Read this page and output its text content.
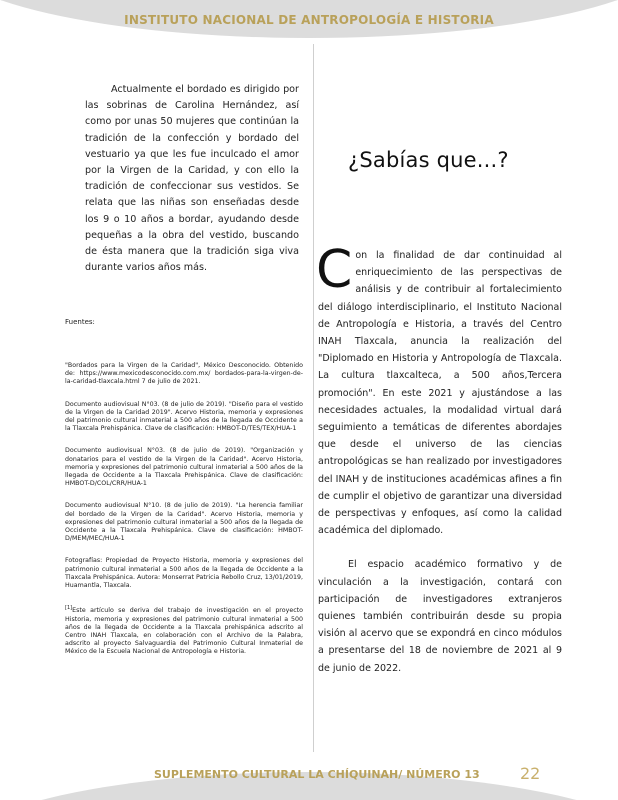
INSTITUTO NACIONAL DE ANTROPOLOGÍA E HISTORIA

Actualmente el bordado es dirigido por las sobrinas de Carolina Hernández, así como por unas 50 mujeres que continúan la tradición de la confección y bordado del vestuario ya que les fue inculcado el amor por la Virgen de la Caridad, y con ello la tradición de confeccionar sus vestidos. Se relata que las niñas son enseñadas desde los 9 o 10 años a bordar, ayudando desde pequeñas a la obra del vestido, buscando de ésta manera que la tradición siga viva durante varios años más.

Fuentes:

"Bordados para la Virgen de la Caridad", México Desconocido. Obtenido de: https://www.mexicodesconocido.com.mx/ bordados-para-la-virgen-de-la-caridad-tlaxcala.html 7 de julio de 2021.

Documento audiovisual N°03. (8 de julio de 2019). "Diseño para el vestido de la Virgen de la Caridad 2019". Acervo Historia, memoria y expresiones del patrimonio cultural inmaterial a 500 años de la llegada de Occidente a la Tlaxcala Prehispánica. Clave de clasificación: HMBOT-D/TES/TEX/HUA-1

Documento audiovisual N°03. (8 de julio de 2019). "Organización y donatarios para el vestido de la Virgen de la Caridad". Acervo Historia, memoria y expresiones del patrimonio cultural inmaterial a 500 años de la llegada de Occidente a la Tlaxcala Prehispánica. Clave de clasificación: HMBOT-D/COL/CRR/HUA-1

Documento audiovisual N°10. (8 de julio de 2019). "La herencia familiar del bordado de la Virgen de la Caridad". Acervo Historia, memoria y expresiones del patrimonio cultural inmaterial a 500 años de la llegada de Occidente a la Tlaxcala Prehispánica. Clave de clasificación: HMBOT-D/MEM/MEC/HUA-1

Fotografías: Propiedad de Proyecto Historia, memoria y expresiones del patrimonio cultural inmaterial a 500 años de la llegada de Occidente a la Tlaxcala Prehispánica. Autora: Monserrat Patricia Rebollo Cruz, 13/01/2019, Huamantla, Tlaxcala.

[1]Este artículo se deriva del trabajo de investigación en el proyecto Historia, memoria y expresiones del patrimonio cultural inmaterial a 500 años de la llegada de Occidente a la Tlaxcala prehispánica adscrito al Centro INAH Tlaxcala, en colaboración con el Archivo de la Palabra, adscrito al proyecto Salvaguardia del Patrimonio Cultural Inmaterial de México de la Escuela Nacional de Antropología e Historia.

¿Sabías que...?

Con la finalidad de dar continuidad al enriquecimiento de las perspectivas de análisis y de contribuir al fortalecimiento del diálogo interdisciplinario, el Instituto Nacional de Antropología e Historia, a través del Centro INAH Tlaxcala, anuncia la realización del "Diplomado en Historia y Antropología de Tlaxcala. La cultura tlaxcalteca, a 500 años,Tercera promoción". En este 2021 y ajustándose a las necesidades actuales, la modalidad virtual dará seguimiento a temáticas de diferentes abordajes que desde el universo de las ciencias antropológicas se han realizado por investigadores del INAH y de instituciones académicas afines a fin de cumplir el objetivo de garantizar una diversidad de perspectivas y enfoques, así como la calidad académica del diplomado.

El espacio académico formativo y de vinculación a la investigación, contará con participación de investigadores extranjeros quienes también contribuirán desde su propia visión al acervo que se expondrá en cinco módulos a presentarse del 18 de noviembre de 2021 al 9 de junio de 2022.

SUPLEMENTO CULTURAL LA CHÍQUINAH/ NÚMERO 13	22
